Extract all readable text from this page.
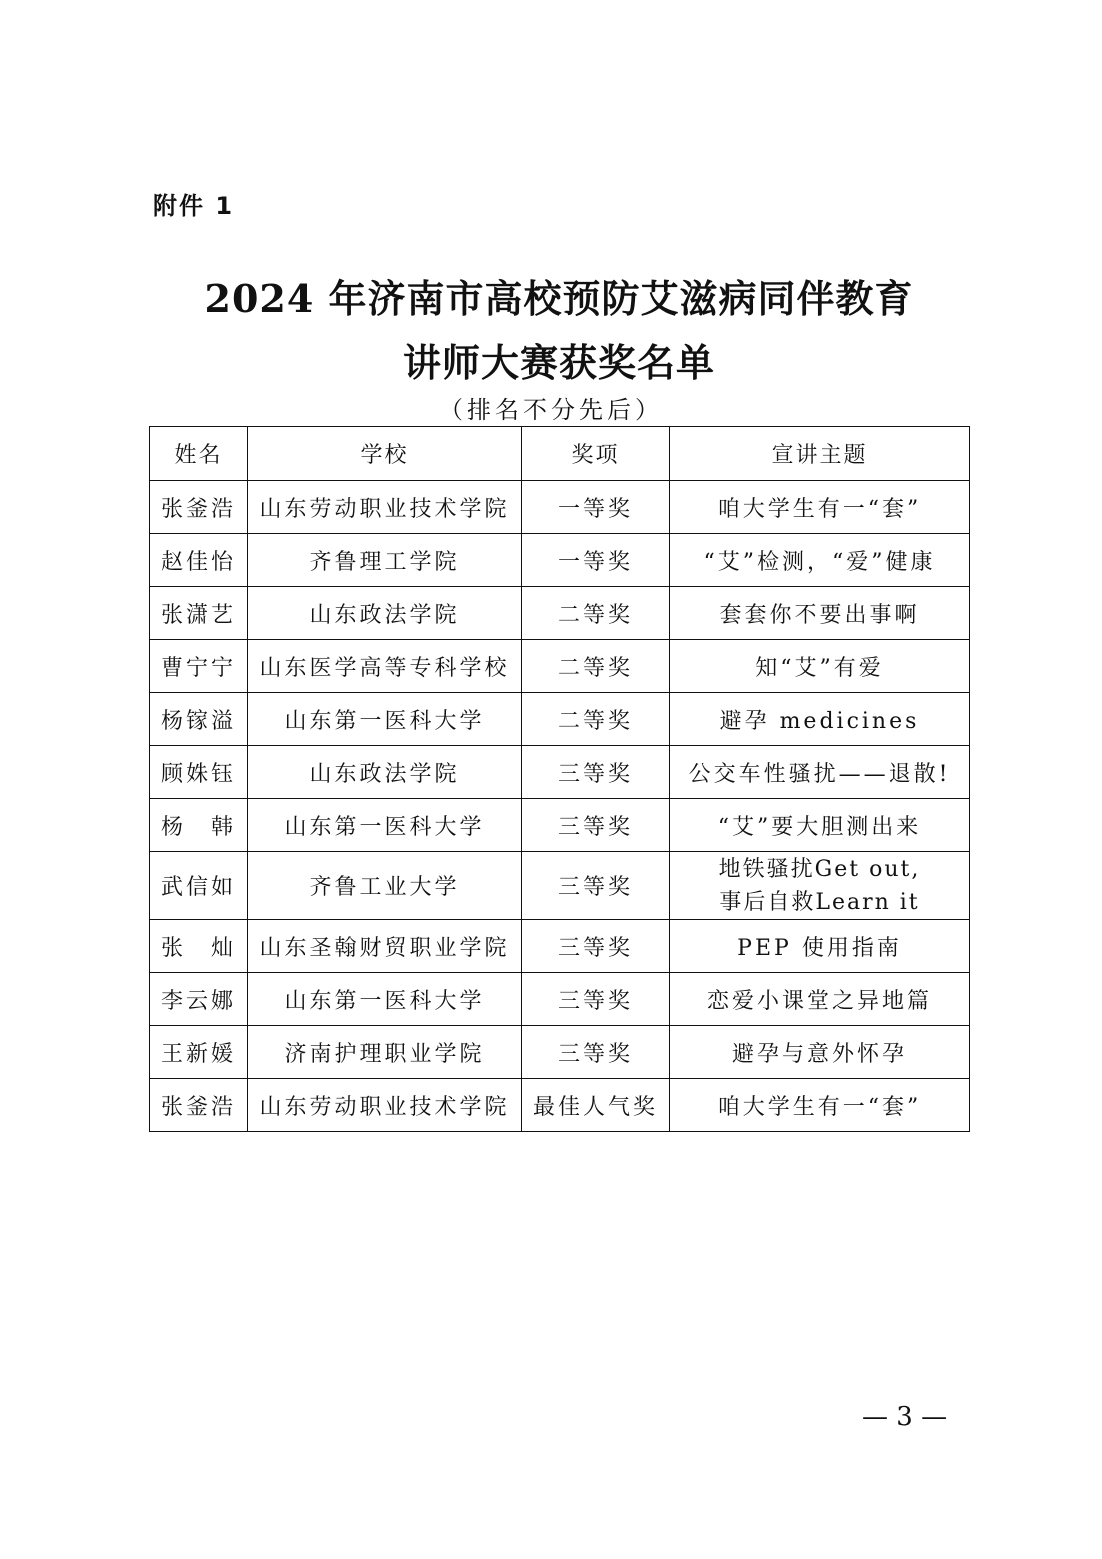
附件 1
2024 年济南市高校预防艾滋病同伴教育
讲师大赛获奖名单
（排名不分先后）
姓名	学校	奖项	宣讲主题
张釜浩	山东劳动职业技术学院	一等奖	咱大学生有一“套”
赵佳怡	齐鲁理工学院	一等奖	“艾”检测，“爱”健康
张潇艺	山东政法学院	二等奖	套套你不要出事啊
曹宁宁	山东医学高等专科学校	二等奖	知“艾”有爱
杨镓溢	山东第一医科大学	二等奖	避孕 medicines
顾姝钰	山东政法学院	三等奖	公交车性骚扰——退散!
杨　韩	山东第一医科大学	三等奖	“艾”要大胆测出来
武信如	齐鲁工业大学	三等奖	地铁骚扰Get out,
事后自救Learn it

张　灿	山东圣翰财贸职业学院	三等奖	PEP 使用指南
李云娜	山东第一医科大学	三等奖	恋爱小课堂之异地篇
王新媛	济南护理职业学院	三等奖	避孕与意外怀孕
张釜浩	山东劳动职业技术学院	最佳人气奖	咱大学生有一“套”
— 3 —
